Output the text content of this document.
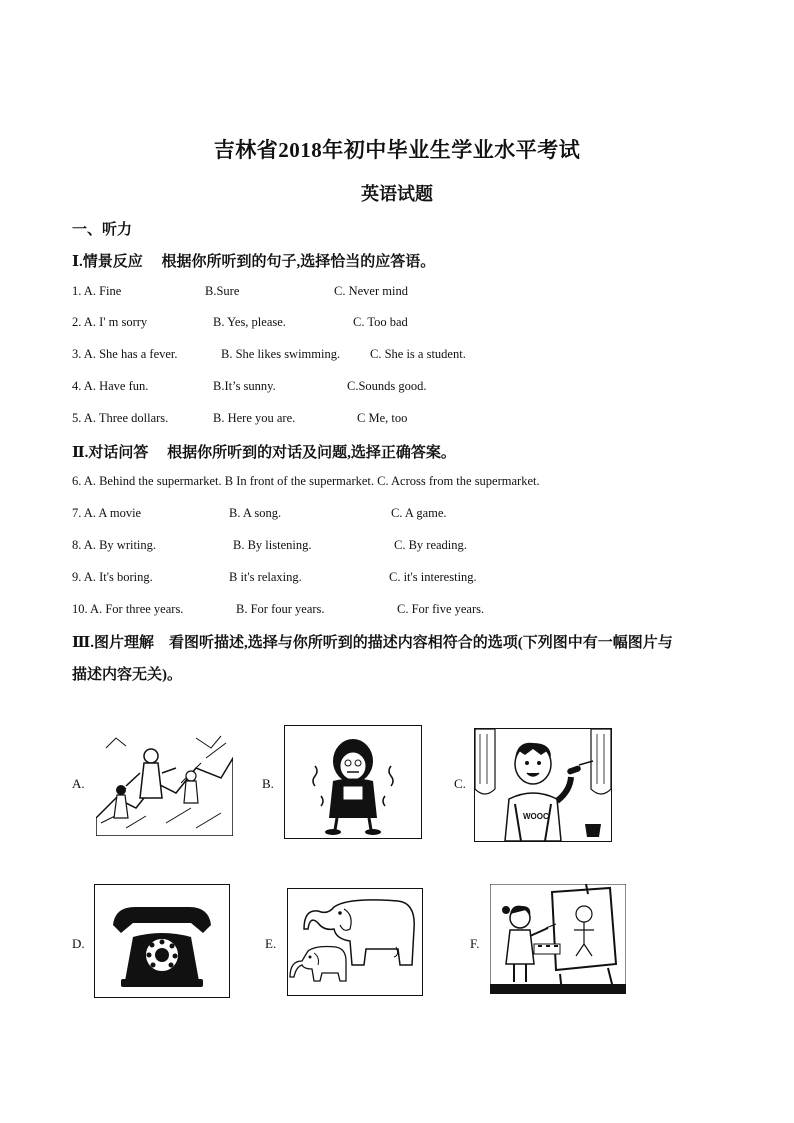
吉林省2018年初中毕业生学业水平考试
英语试题
一、听力
Ⅰ.情景反应　 根据你所听到的句子,选择恰当的应答语。
1. A. Fine	B.Sure	C. Never mind
2. A. I' m sorry	B. Yes, please.	C. Too bad
3. A. She has a fever.	B. She likes swimming. C. She is a student.
4. A. Have fun.	B.It’s sunny.	C.Sounds good.
5. A. Three dollars.	B. Here you are.	C Me, too
Ⅱ.对话问答　 根据你所听到的对话及问题,选择正确答案。
6. A. Behind the supermarket. B In front of the supermarket. C. Across from the supermarket.
7. A. A movie	B. A song.	C. A game.
8. A. By writing.	B. By listening.	C. By reading.
9. A. It's boring.	B it's relaxing.	C. it's interesting.
10. A. For three years.	B. For four years.	C. For five years.
Ⅲ.图片理解　看图听描述,选择与你所听到的描述内容相符合的选项(下列图中有一幅图片与
描述内容无关)。
A.	B.	C.
WOOC
D.	E.	F.
